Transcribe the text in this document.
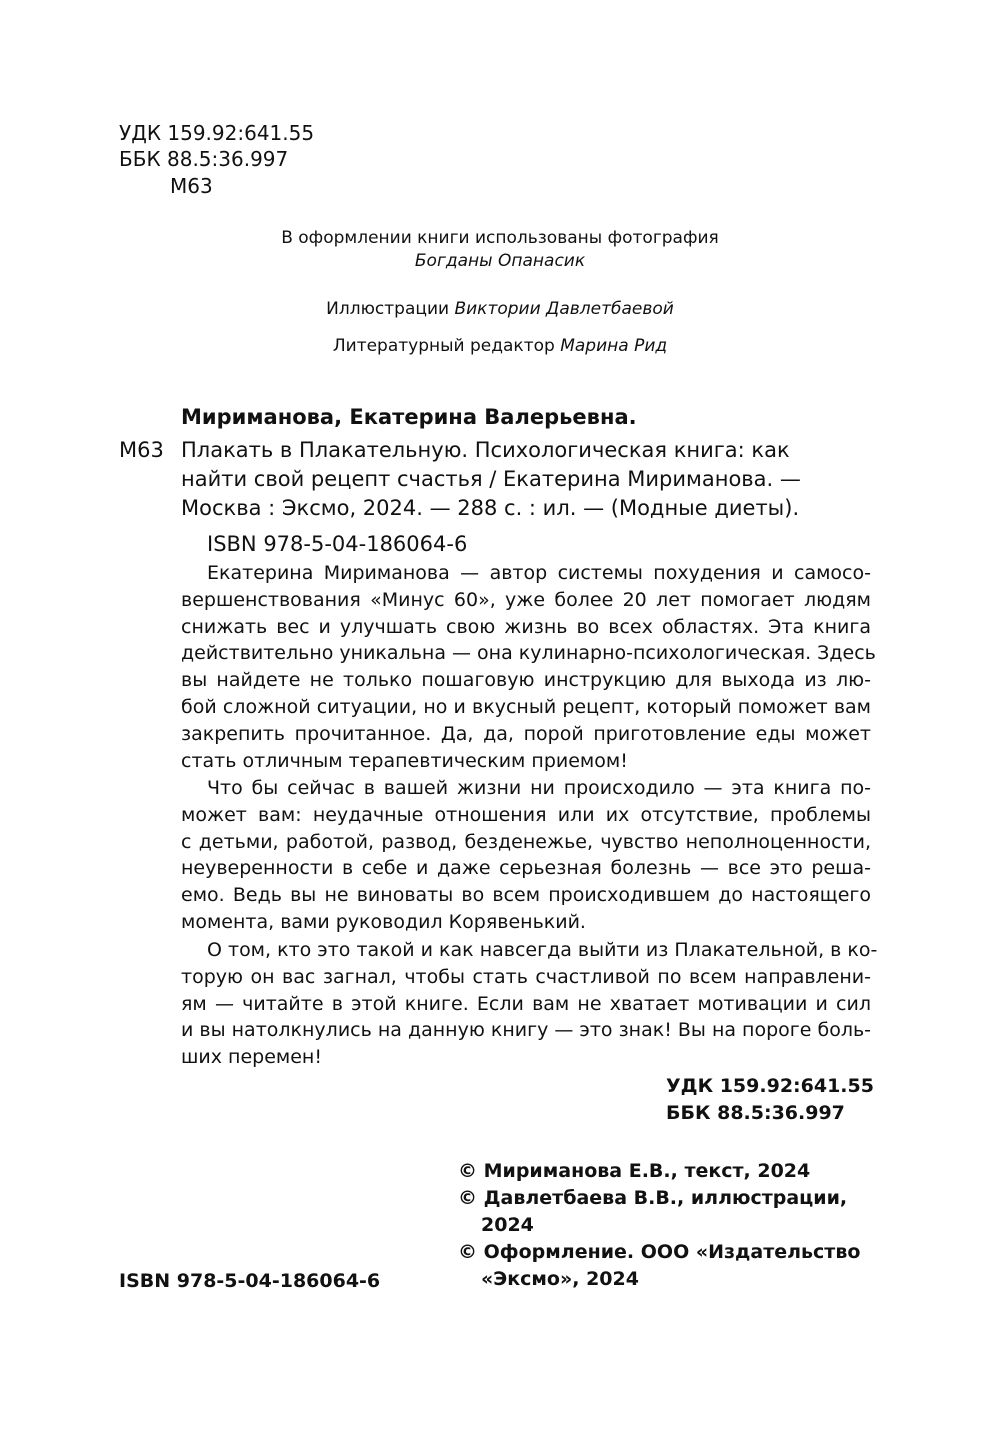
УДК 159.92:641.55
ББК 88.5:36.997
М63
В оформлении книги использованы фотография
Богданы Опанасик
Иллюстрации Виктории Давлетбаевой
Литературный редактор Марина Рид
Мириманова, Екатерина Валерьевна.
М63 Плакать в Плакательную. Психологическая книга: как
найти свой рецепт счастья / Екатерина Мириманова. —
Москва : Эксмо, 2024. — 288 с. : ил. — (Модные диеты).
ISBN 978-5-04-186064-6
Екатерина Мириманова — автор системы похудения и самосо-
вершенствования «Минус 60», уже более 20 лет помогает людям
снижать вес и улучшать свою жизнь во всех областях. Эта книга
действительно уникальна — она кулинарно-психологическая. Здесь
вы найдете не только пошаговую инструкцию для выхода из лю-
бой сложной ситуации, но и вкусный рецепт, который поможет вам
закрепить прочитанное. Да, да, порой приготовление еды может
стать отличным терапевтическим приемом!
Что бы сейчас в вашей жизни ни происходило — эта книга по-
может вам: неудачные отношения или их отсутствие, проблемы
с детьми, работой, развод, безденежье, чувство неполноценности,
неуверенности в себе и даже серьезная болезнь — все это реша-
емо. Ведь вы не виноваты во всем происходившем до настоящего
момента, вами руководил Корявенький.
О том, кто это такой и как навсегда выйти из Плакательной, в ко-
торую он вас загнал, чтобы стать счастливой по всем направлени-
ям — читайте в этой книге. Если вам не хватает мотивации и сил
и вы натолкнулись на данную книгу — это знак! Вы на пороге боль-
ших перемен!
УДК 159.92:641.55
ББК 88.5:36.997
© Мириманова Е.В., текст, 2024
© Давлетбаева В.В., иллюстрации,
2024
© Оформление. ООО «Издательство
«Эксмо», 2024
ISBN 978-5-04-186064-6
